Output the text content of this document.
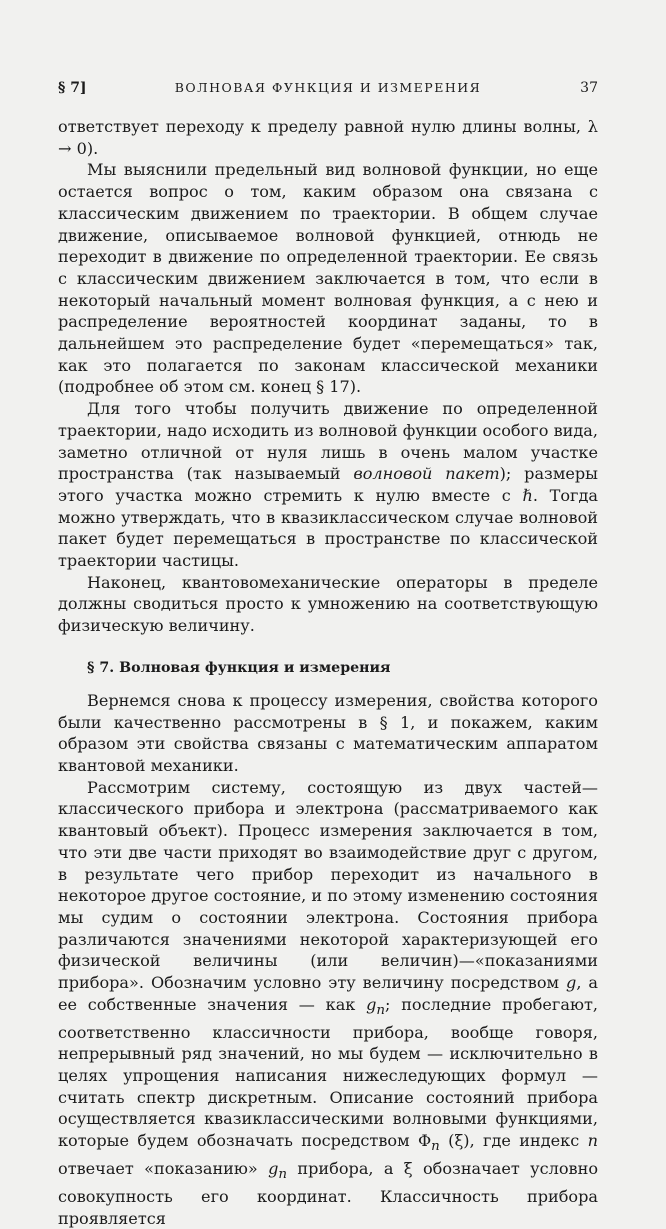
§ 7]	ВОЛНОВАЯ ФУНКЦИЯ И ИЗМЕРЕНИЯ	37

ответствует переходу к пределу равной нулю длины волны, λ → 0).

Мы выяснили предельный вид волновой функции, но еще остается вопрос о том, каким образом она связана с классическим движением по траектории. В общем случае движение, описываемое волновой функцией, отнюдь не переходит в движение по определенной траектории. Ее связь с классическим движением заключается в том, что если в некоторый начальный момент волновая функция, а с нею и распределение вероятностей координат заданы, то в дальнейшем это распределение будет «перемещаться» так, как это полагается по законам классической механики (подробнее об этом см. конец § 17).

Для того чтобы получить движение по определенной траектории, надо исходить из волновой функции особого вида, заметно отличной от нуля лишь в очень малом участке пространства (так называемый волновой пакет); размеры этого участка можно стремить к нулю вместе с ℏ. Тогда можно утверждать, что в квазиклассическом случае волновой пакет будет перемещаться в пространстве по классической траектории частицы.

Наконец, квантовомеханические операторы в пределе должны сводиться просто к умножению на соответствующую физическую величину.

§ 7. Волновая функция и измерения

Вернемся снова к процессу измерения, свойства которого были качественно рассмотрены в § 1, и покажем, каким образом эти свойства связаны с математическим аппаратом квантовой механики.

Рассмотрим систему, состоящую из двух частей—классического прибора и электрона (рассматриваемого как квантовый объект). Процесс измерения заключается в том, что эти две части приходят во взаимодействие друг с другом, в результате чего прибор переходит из начального в некоторое другое состояние, и по этому изменению состояния мы судим о состоянии электрона. Состояния прибора различаются значениями некоторой характеризующей его физической величины (или величин)—«показаниями прибора». Обозначим условно эту величину посредством g, а ее собственные значения — как $g_n$; последние пробегают, соответственно классичности прибора, вообще говоря, непрерывный ряд значений, но мы будем — исключительно в целях упрощения написания нижеследующих формул — считать спектр дискретным. Описание состояний прибора осуществляется квазиклассическими волновыми функциями, которые будем обозначать посредством $\Phi_n$ (ξ), где индекс n отвечает «показанию» $g_n$ прибора, а ξ обозначает условно совокупность его координат. Классичность прибора проявляется
